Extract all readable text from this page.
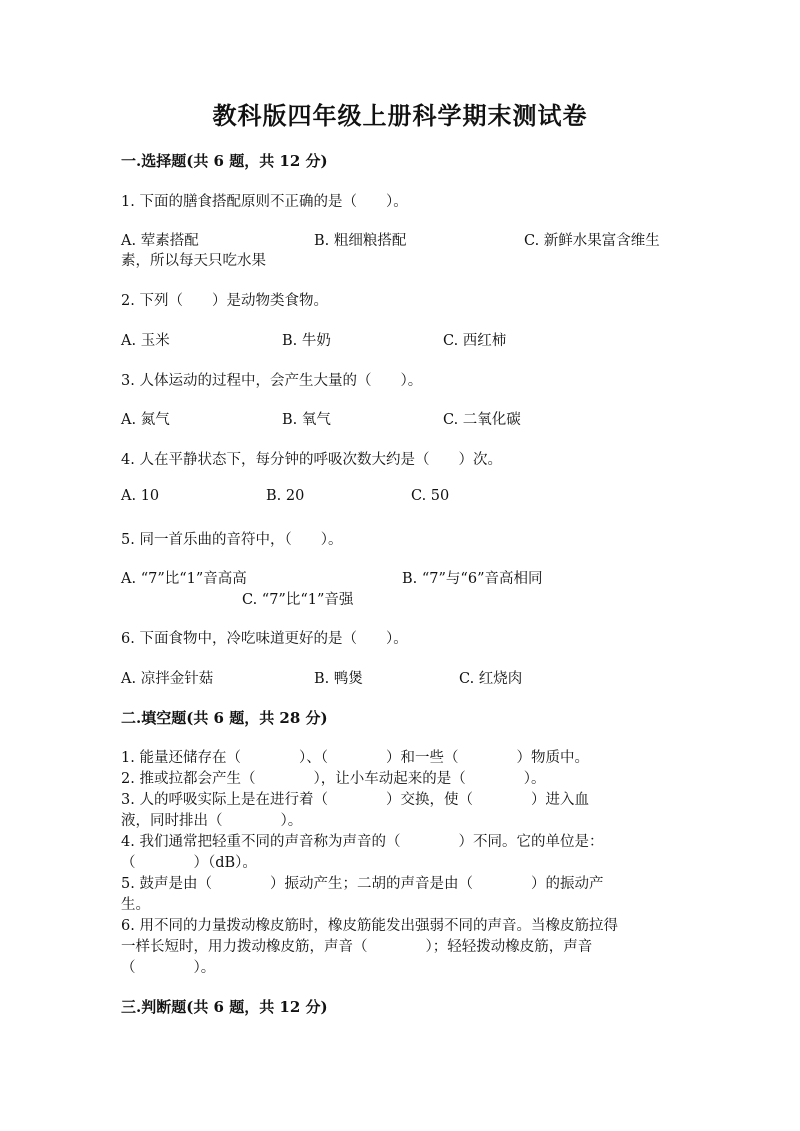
教科版四年级上册科学期末测试卷
一.选择题(共 6 题，共 12 分)
1. 下面的膳食搭配原则不正确的是（　　）。
A. 荤素搭配	B. 粗细粮搭配	C. 新鲜水果富含维生
素，所以每天只吃水果
2. 下列（　　）是动物类食物。
A. 玉米	B. 牛奶	C. 西红柿
3. 人体运动的过程中，会产生大量的（　　）。
A. 氮气	B. 氧气	C. 二氧化碳
4. 人在平静状态下，每分钟的呼吸次数大约是（　　）次。
A. 10	B. 20	C. 50
5. 同一首乐曲的音符中，（　　）。
A. “7”比“1”音高高	B. “7”与“6”音高相同
C. “7”比“1”音强
6. 下面食物中，冷吃味道更好的是（　　）。
A. 凉拌金针菇	B. 鸭煲	C. 红烧肉
二.填空题(共 6 题，共 28 分)
1. 能量还储存在（　　　　）、（　　　　）和一些（　　　　）物质中。
2. 推或拉都会产生（　　　　），让小车动起来的是（　　　　）。
3. 人的呼吸实际上是在进行着（　　　　）交换，使（　　　　）进入血
液，同时排出（　　　　）。
4. 我们通常把轻重不同的声音称为声音的（　　　　）不同。它的单位是：
（　　　　）（dB）。
5. 鼓声是由（　　　　）振动产生；二胡的声音是由（　　　　）的振动产
生。
6. 用不同的力量拨动橡皮筋时，橡皮筋能发出强弱不同的声音。当橡皮筋拉得
一样长短时，用力拨动橡皮筋，声音（　　　　）；轻轻拨动橡皮筋，声音
（　　　　）。
三.判断题(共 6 题，共 12 分)
